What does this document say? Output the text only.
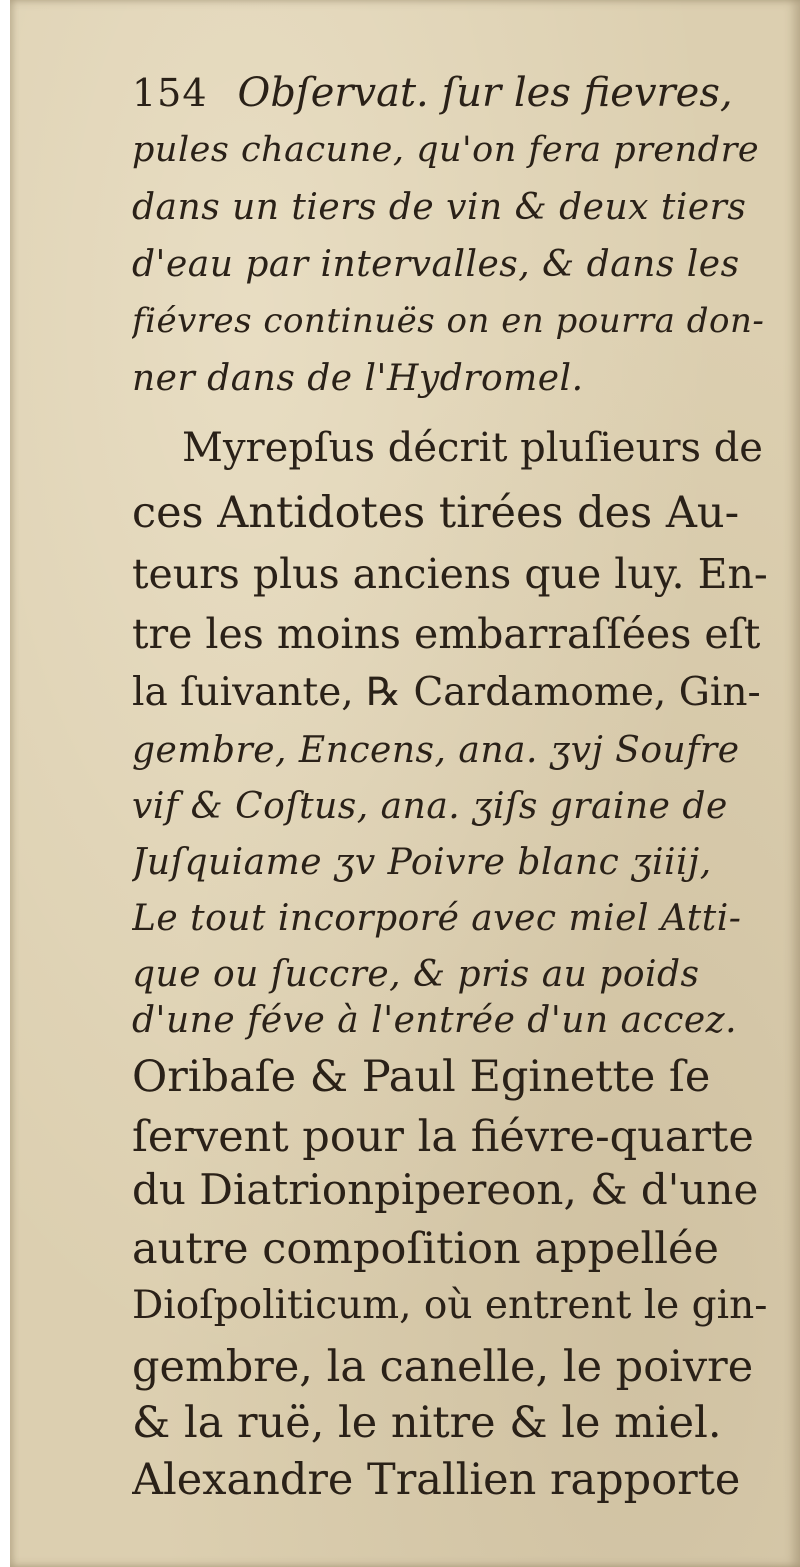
154 Obſervat. ſur les fievres,
pules chacune, qu'on fera prendre
dans un tiers de vin & deux tiers
d'eau par intervalles, & dans les
fiévres continuës on en pourra don-
ner dans de l'Hydromel.
Myrepſus décrit pluſieurs de
ces Antidotes tirées des Au-
teurs plus anciens que luy. En-
tre les moins embarraſſées eſt
la ſuivante, ℞ Cardamome, Gin-
gembre, Encens, ana. ʒvj Soufre
vif & Coſtus, ana. ʒiſs graine de
Juſquiame ʒv Poivre blanc ʒiiij,
Le tout incorporé avec miel Atti-
que ou ſuccre, & pris au poids
d'une féve à l'entrée d'un accez.
Oribaſe & Paul Eginette ſe
ſervent pour la fiévre-quarte
du Diatrionpipereon, & d'une
autre compoſition appellée
Dioſpoliticum, où entrent le gin-
gembre, la canelle, le poivre
& la ruë, le nitre & le miel.
Alexandre Trallien rapporte
